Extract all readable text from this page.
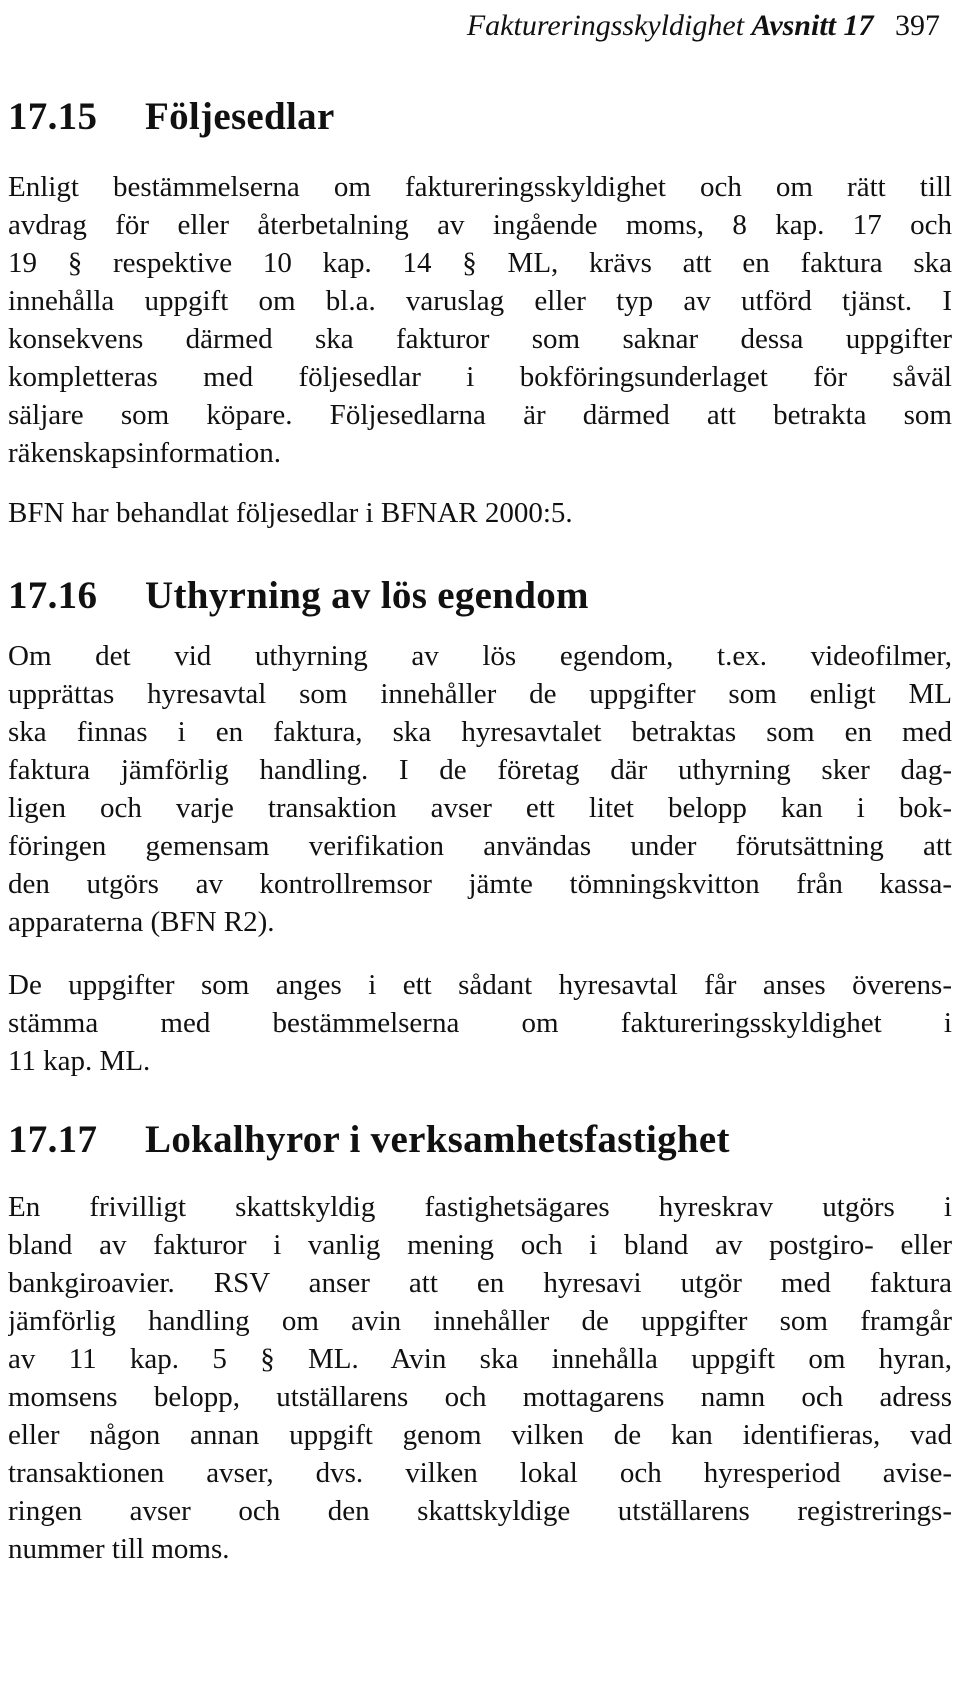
Faktureringsskyldighet Avsnitt 17 397
17.15 Följesedlar
Enligt bestämmelserna om faktureringsskyldighet och om rätt till
avdrag för eller återbetalning av ingående moms, 8 kap. 17 och
19 § respektive 10 kap. 14 § ML, krävs att en faktura ska
innehålla uppgift om bl.a. varuslag eller typ av utförd tjänst. I
konsekvens därmed ska fakturor som saknar dessa uppgifter
kompletteras med följesedlar i bokföringsunderlaget för såväl
säljare som köpare. Följesedlarna är därmed att betrakta som
räkenskapsinformation.
BFN har behandlat följesedlar i BFNAR 2000:5.
17.16 Uthyrning av lös egendom
Om det vid uthyrning av lös egendom, t.ex. videofilmer,
upprättas hyresavtal som innehåller de uppgifter som enligt ML
ska finnas i en faktura, ska hyresavtalet betraktas som en med
faktura jämförlig handling. I de företag där uthyrning sker dag-
ligen och varje transaktion avser ett litet belopp kan i bok-
föringen gemensam verifikation användas under förutsättning att
den utgörs av kontrollremsor jämte tömningskvitton från kassa-
apparaterna (BFN R2).
De uppgifter som anges i ett sådant hyresavtal får anses överens-
stämma med bestämmelserna om faktureringsskyldighet i
11 kap. ML.
17.17 Lokalhyror i verksamhetsfastighet
En frivilligt skattskyldig fastighetsägares hyreskrav utgörs i
bland av fakturor i vanlig mening och i bland av postgiro- eller
bankgiroavier. RSV anser att en hyresavi utgör med faktura
jämförlig handling om avin innehåller de uppgifter som framgår
av 11 kap. 5 § ML. Avin ska innehålla uppgift om hyran,
momsens belopp, utställarens och mottagarens namn och adress
eller någon annan uppgift genom vilken de kan identifieras, vad
transaktionen avser, dvs. vilken lokal och hyresperiod avise-
ringen avser och den skattskyldige utställarens registrerings-
nummer till moms.
